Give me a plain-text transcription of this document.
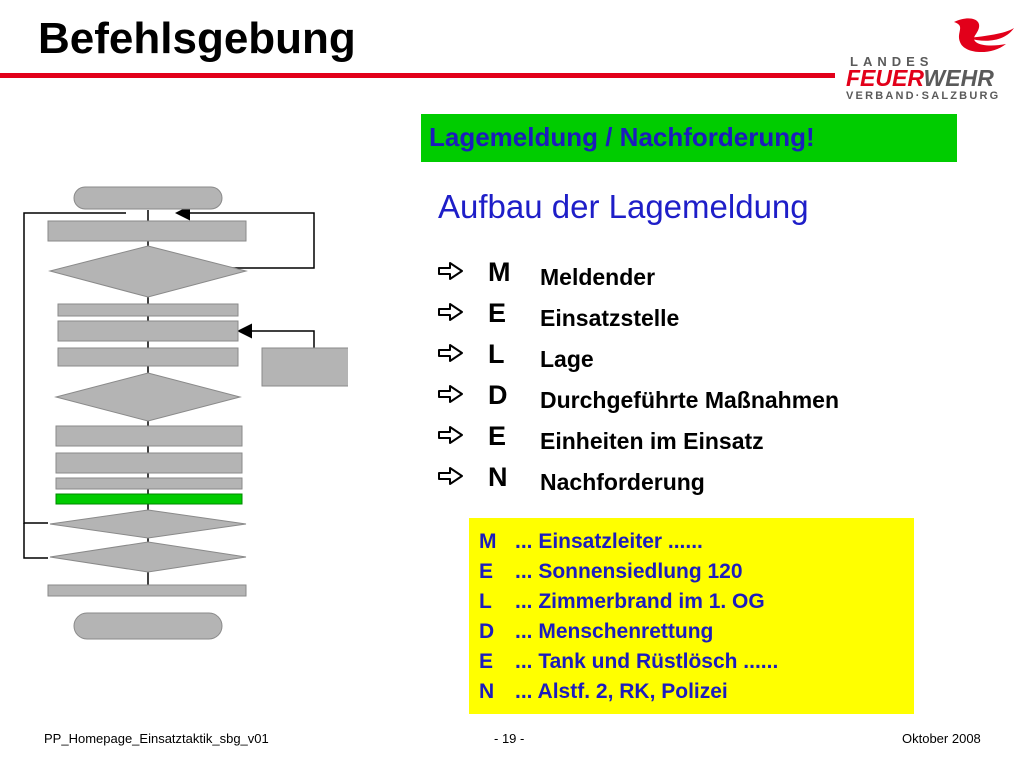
Befehlsgebung	LANDES
FEUERWEHR
VERBAND·SALZBURG
Lagemeldung / Nachforderung!
Aufbau der Lagemeldung
M Meldender
E Einsatzstelle
L Lage
D Durchgeführte Maßnahmen
E Einheiten im Einsatz
N Nachforderung
M ... Einsatzleiter ......
E ... Sonnensiedlung 120
L ... Zimmerbrand im 1. OG
D ... Menschenrettung
E ... Tank und Rüstlösch ......
N ... Alstf. 2, RK, Polizei
PP_Homepage_Einsatztaktik_sbg_v01	- 19 -	Oktober 2008
